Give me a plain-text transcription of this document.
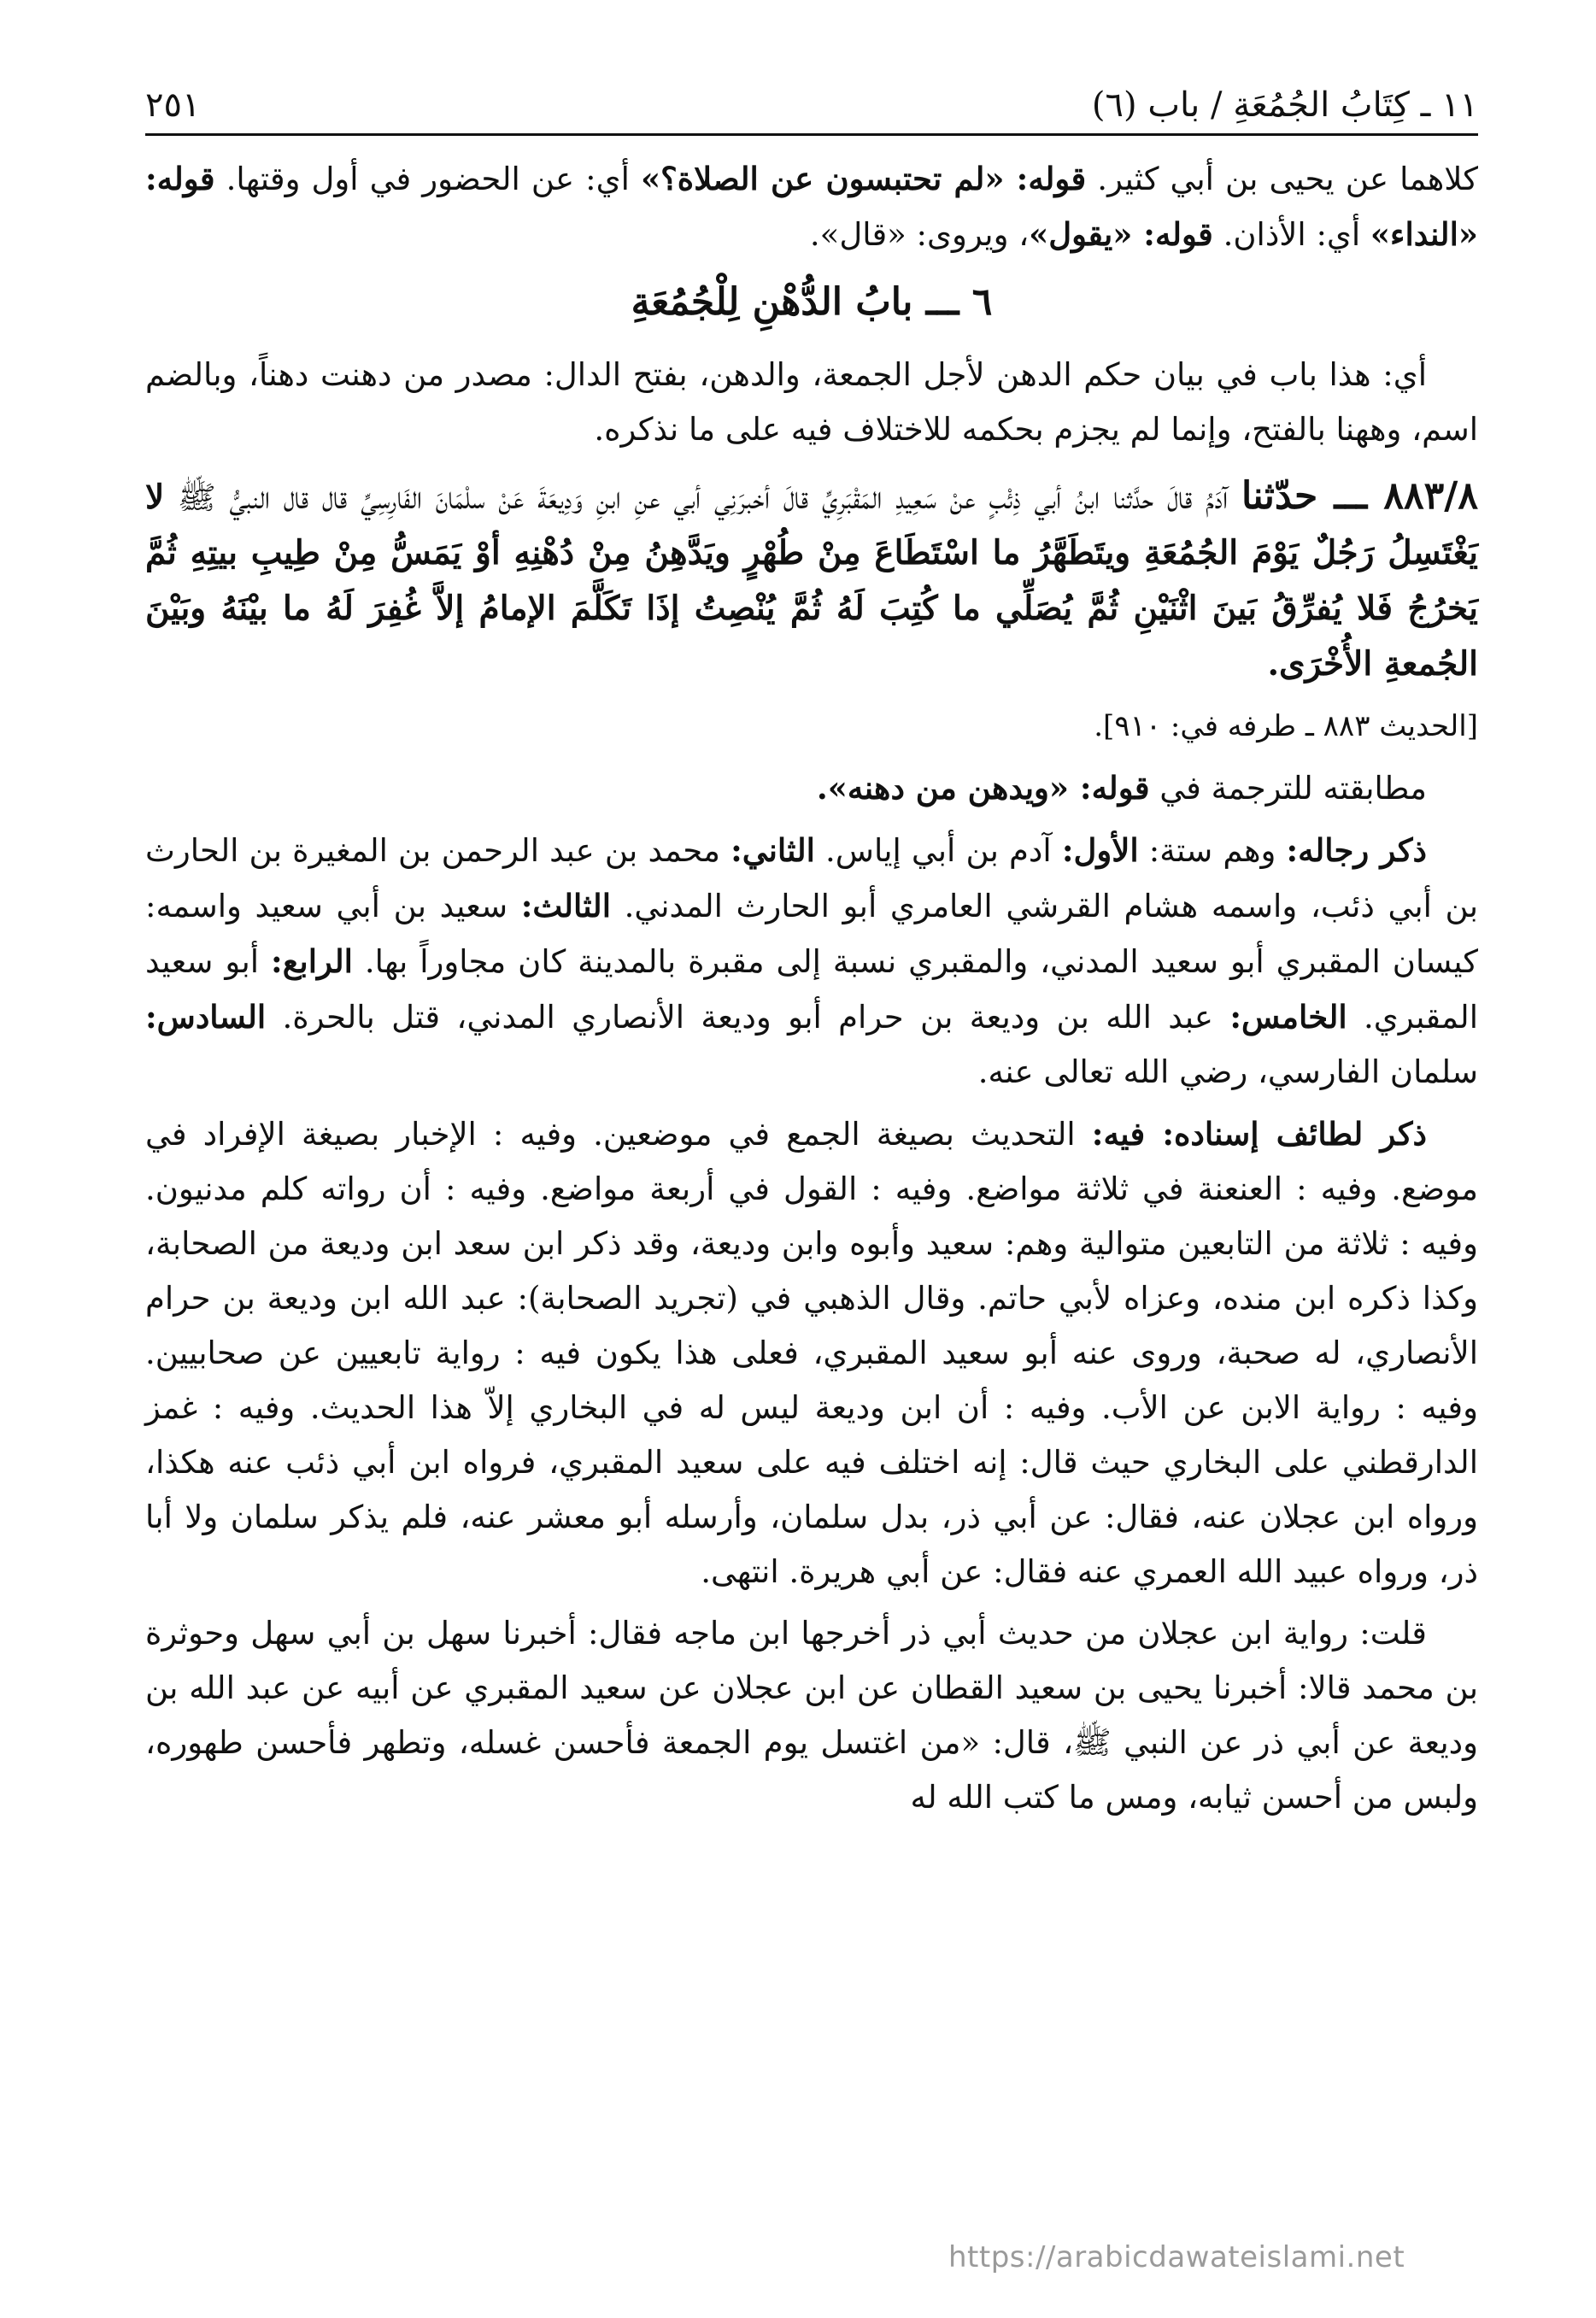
١١ ـ كِتَابُ الجُمُعَةِ / باب (٦)
٢٥١

كلاهما عن يحيى بن أبي كثير. قوله: «لم تحتبسون عن الصلاة؟» أي: عن الحضور في أول وقتها. قوله: «النداء» أي: الأذان. قوله: «يقول»، ويروى: «قال».

٦ ـــ بابُ الدُّهْنِ لِلْجُمُعَةِ

أي: هذا باب في بيان حكم الدهن لأجل الجمعة، والدهن، بفتح الدال: مصدر من دهنت دهناً، وبالضم اسم، وههنا بالفتح، وإنما لم يجزم بحكمه للاختلاف فيه على ما نذكره.

٨٨٣/٨ ـــ حدّثنا آدَمُ قالَ حدَّثنا ابنُ أبي ذِئْبٍ عنْ سَعِيدِ المَقْبَرِيِّ قالَ أخبرَنِي أبي عنِ ابنِ وَدِيعَةَ عَنْ سلْمَانَ الفَارِسِيِّ قال قال النبيُّ ﷺ لا يَغْتَسِلُ رَجُلٌ يَوْمَ الجُمُعَةِ ويتَطَهَّرُ ما اسْتَطَاعَ مِنْ طُهْرٍ ويَدَّهِنُ مِنْ دُهْنِهِ أوْ يَمَسُّ مِنْ طِيبِ بيتِهِ ثُمَّ يَخرُجُ فَلا يُفرِّقُ بَينَ اثْنَيْنِ ثُمَّ يُصَلِّي ما كُتِبَ لَهُ ثُمَّ يُنْصِتُ إذَا تَكَلَّمَ الإمامُ إلاَّ غُفِرَ لَهُ ما بيْنَهُ وبَيْنَ الجُمعةِ الأُخْرَى.

[الحديث ٨٨٣ ـ طرفه في: ٩١٠].

مطابقته للترجمة في قوله: «ويدهن من دهنه».

ذكر رجاله: وهم ستة: الأول: آدم بن أبي إياس. الثاني: محمد بن عبد الرحمن بن المغيرة بن الحارث بن أبي ذئب، واسمه هشام القرشي العامري أبو الحارث المدني. الثالث: سعيد بن أبي سعيد واسمه: كيسان المقبري أبو سعيد المدني، والمقبري نسبة إلى مقبرة بالمدينة كان مجاوراً بها. الرابع: أبو سعيد المقبري. الخامس: عبد الله بن وديعة بن حرام أبو وديعة الأنصاري المدني، قتل بالحرة. السادس: سلمان الفارسي، رضي الله تعالى عنه.

ذكر لطائف إسناده: فيه: التحديث بصيغة الجمع في موضعين. وفيه : الإخبار بصيغة الإفراد في موضع. وفيه : العنعنة في ثلاثة مواضع. وفيه : القول في أربعة مواضع. وفيه : أن رواته كلم مدنيون. وفيه : ثلاثة من التابعين متوالية وهم: سعيد وأبوه وابن وديعة، وقد ذكر ابن سعد ابن وديعة من الصحابة، وكذا ذكره ابن منده، وعزاه لأبي حاتم. وقال الذهبي في (تجريد الصحابة): عبد الله ابن وديعة بن حرام الأنصاري، له صحبة، وروى عنه أبو سعيد المقبري، فعلى هذا يكون فيه : رواية تابعيين عن صحابيين. وفيه : رواية الابن عن الأب. وفيه : أن ابن وديعة ليس له في البخاري إلاّ هذا الحديث. وفيه : غمز الدارقطني على البخاري حيث قال: إنه اختلف فيه على سعيد المقبري، فرواه ابن أبي ذئب عنه هكذا، ورواه ابن عجلان عنه، فقال: عن أبي ذر، بدل سلمان، وأرسله أبو معشر عنه، فلم يذكر سلمان ولا أبا ذر، ورواه عبيد الله العمري عنه فقال: عن أبي هريرة. انتهى.

قلت: رواية ابن عجلان من حديث أبي ذر أخرجها ابن ماجه فقال: أخبرنا سهل بن أبي سهل وحوثرة بن محمد قالا: أخبرنا يحيى بن سعيد القطان عن ابن عجلان عن سعيد المقبري عن أبيه عن عبد الله بن وديعة عن أبي ذر عن النبي ﷺ، قال: «من اغتسل يوم الجمعة فأحسن غسله، وتطهر فأحسن طهوره، ولبس من أحسن ثيابه، ومس ما كتب الله له

https://arabicdawateislami.net
